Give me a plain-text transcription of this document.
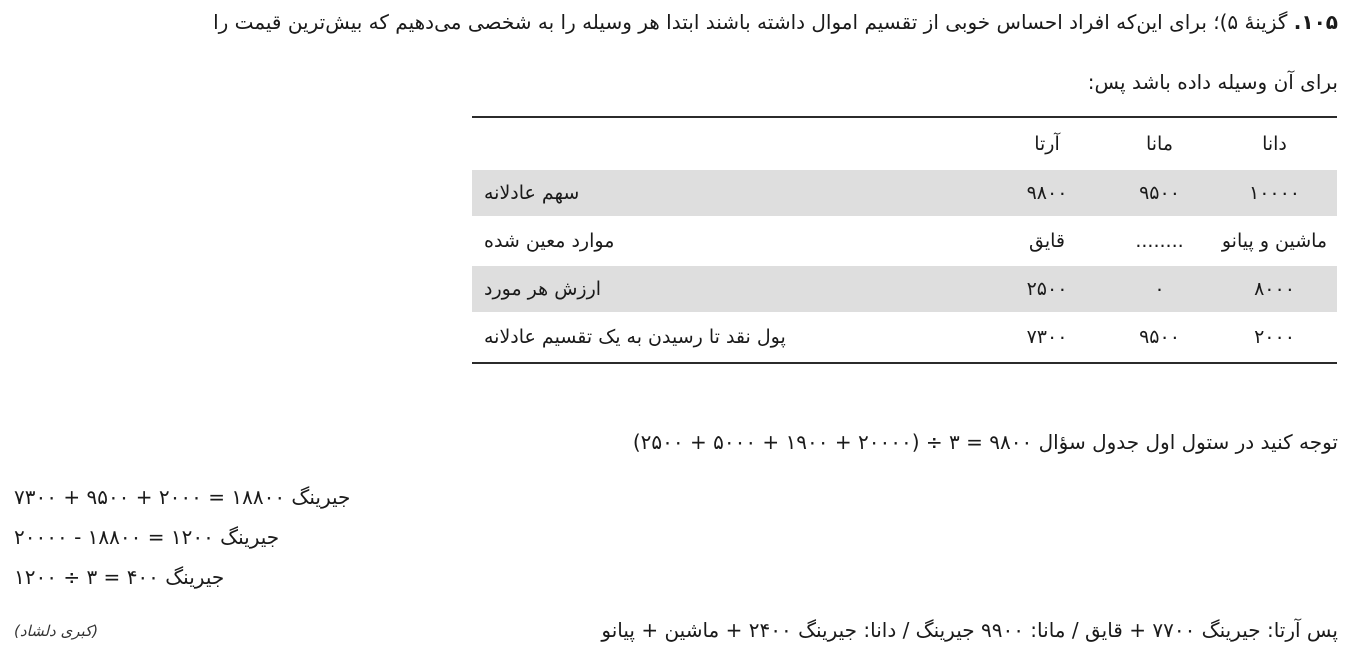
۱۰۵. گزینهٔ ۵)؛ برای این‌که افراد احساس خوبی از تقسیم اموال داشته باشند ابتدا هر وسیله را به شخصی می‌دهیم که بیش‌ترین قیمت را
برای آن وسیله داده باشد پس:
دانا
مانا
آرتا
۱۰۰۰۰
۹۵۰۰
۹۸۰۰
سهم عادلانه
ماشین و پیانو
........
قایق
موارد معین شده
۸۰۰۰
۰
۲۵۰۰
ارزش هر مورد
۲۰۰۰
۹۵۰۰
۷۳۰۰
پول نقد تا رسیدن به یک تقسیم عادلانه
توجه کنید در ستول اول جدول سؤال ۹۸۰۰ = ۳ ÷ (۲۰۰۰۰ + ۱۹۰۰ + ۵۰۰۰ + ۲۵۰۰)
جیرینگ ۱۸۸۰۰ = ۲۰۰۰ + ۹۵۰۰ + ۷۳۰۰
جیرینگ ۱۲۰۰ = ۱۸۸۰۰ - ۲۰۰۰۰
جیرینگ ۴۰۰ = ۳ ÷ ۱۲۰۰
پس آرتا: جیرینگ ۷۷۰۰ + قایق / مانا: ۹۹۰۰ جیرینگ / دانا: جیرینگ ۲۴۰۰ + ماشین + پیانو
(کبری دلشاد)
